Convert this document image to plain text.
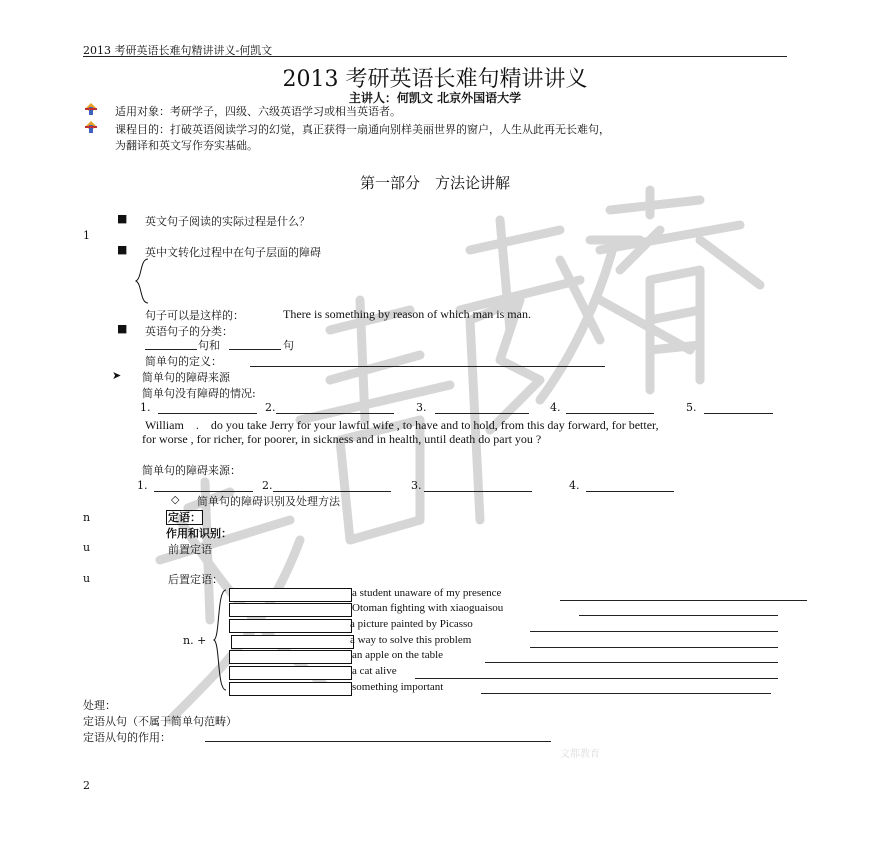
2013 考研英语长难句精讲讲义-何凯文
2013 考研英语长难句精讲讲义
主讲人：何凯文 北京外国语大学
适用对象：考研学子，四级、六级英语学习或相当英语者。
课程目的：打破英语阅读学习的幻觉，真正获得一扇通向别样美丽世界的窗户，人生从此再无长难句，
为翻译和英文写作夯实基础。
第一部分　方法论讲解
1
■ 英文句子阅读的实际过程是什么？
■ 英中文转化过程中在句子层面的障碍
句子可以是这样的：	There is something by reason of which man is man.
■ 英语句子的分类：
句和	句
简单句的定义：
➤ 简单句的障碍来源
简单句没有障碍的情况:
1.	2.	3.	4.	5.
William　.　do you take Jerry for your lawful wife , to have and to hold, from this day forward, for better,
for worse , for richer, for poorer, in sickness and in health, until death do part you ?
简单句的障碍来源：
1.	2.	3.	4.
◇ 简单句的障碍识别及处理方法
n	定语：
作用和识别：
u	前置定语
u	后置定语：
n. +
a student unaware of my presence
Otoman fighting with xiaoguaisou
a picture painted by Picasso
a way to solve this problem
an apple on the table
a cat alive
something important
处理：
定语从句（不属于简单句范畴）
定语从句的作用：
2
文都教育
